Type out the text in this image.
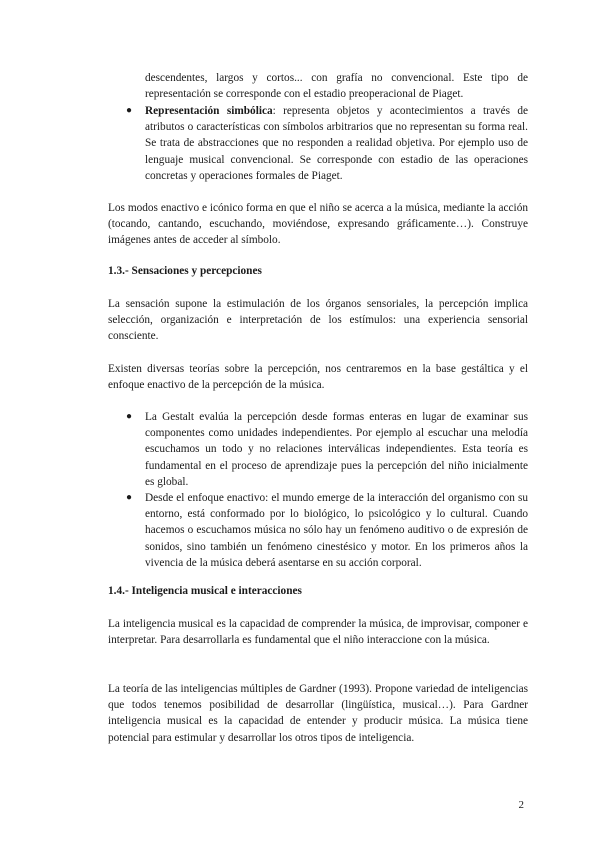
descendentes, largos y cortos... con grafía no convencional. Este tipo de representación se corresponde con el estadio preoperacional de Piaget.

● Representación simbólica: representa objetos y acontecimientos a través de atributos o características con símbolos arbitrarios que no representan su forma real. Se trata de abstracciones que no responden a realidad objetiva. Por ejemplo uso de lenguaje musical convencional. Se corresponde con estadio de las operaciones concretas y operaciones formales de Piaget.

Los modos enactivo e icónico forma en que el niño se acerca a la música, mediante la acción (tocando, cantando, escuchando, moviéndose, expresando gráficamente…). Construye imágenes antes de acceder al símbolo.

1.3.- Sensaciones y percepciones

La sensación supone la estimulación de los órganos sensoriales, la percepción implica selección, organización e interpretación de los estímulos: una experiencia sensorial consciente.

Existen diversas teorías sobre la percepción, nos centraremos en la base gestáltica y el enfoque enactivo de la percepción de la música.

● La Gestalt evalúa la percepción desde formas enteras en lugar de examinar sus componentes como unidades independientes. Por ejemplo al escuchar una melodía escuchamos un todo y no relaciones interválicas independientes. Esta teoría es fundamental en el proceso de aprendizaje pues la percepción del niño inicialmente es global.
● Desde el enfoque enactivo: el mundo emerge de la interacción del organismo con su entorno, está conformado por lo biológico, lo psicológico y lo cultural. Cuando hacemos o escuchamos música no sólo hay un fenómeno auditivo o de expresión de sonidos, sino también un fenómeno cinestésico y motor. En los primeros años la vivencia de la música deberá asentarse en su acción corporal.

1.4.- Inteligencia musical e interacciones

La inteligencia musical es la capacidad de comprender la música, de improvisar, componer e interpretar. Para desarrollarla es fundamental que el niño interaccione con la música.

La teoría de las inteligencias múltiples de Gardner (1993). Propone variedad de inteligencias que todos tenemos posibilidad de desarrollar (lingüística, musical…). Para Gardner inteligencia musical es la capacidad de entender y producir música. La música tiene potencial para estimular y desarrollar los otros tipos de inteligencia.

2
